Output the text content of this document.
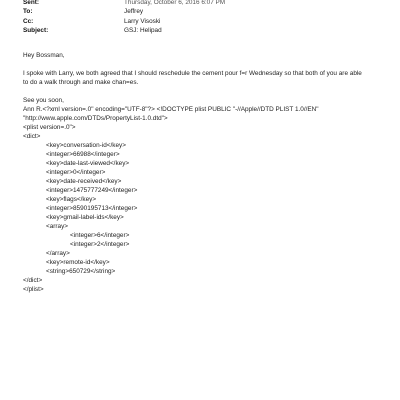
Sent:	Thursday, October 6, 2016 6:07 PM
To:	Jeffrey
Cc:	Larry Visoski
Subject:	GSJ: Helipad
Hey Bossman,
I spoke with Larry, we both agreed that I should reschedule the cement pour f=r Wednesday so that both of you are able
to do a walk through and make chan=es.
See you soon,
Ann R.<?xml version=.0" encoding="UTF-8"?> <!DOCTYPE plist PUBLIC "-//Apple//DTD PLIST 1.0//EN"
"http://www.apple.com/DTDs/PropertyList-1.0.dtd">
<plist version=.0">
<dict>
<key>conversation-id</key>
<integer>66988</integer>
<key>date-last-viewed</key>
<integer>0</integer>
<key>date-received</key>
<integer>1475777249</integer>
<key>flags</key>
<integer>8590195713</integer>
<key>gmail-label-ids</key>
<array>
<integer>6</integer>
<integer>2</integer>
</array>
<key>remote-id</key>
<string>650729</string>
</dict>
</plist>
